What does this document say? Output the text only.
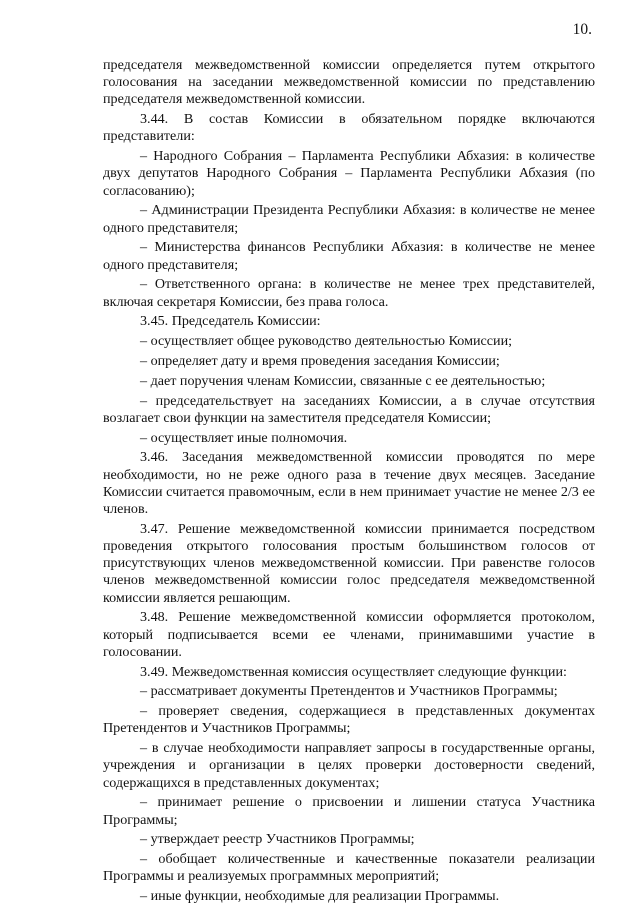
10.

председателя межведомственной комиссии определяется путем открытого голосования на заседании межведомственной комиссии по представлению председателя межведомственной комиссии.

3.44. В состав Комиссии в обязательном порядке включаются представители:

– Народного Собрания – Парламента Республики Абхазия: в количестве двух депутатов Народного Собрания – Парламента Республики Абхазия (по согласованию);

– Администрации Президента Республики Абхазия: в количестве не менее одного представителя;

– Министерства финансов Республики Абхазия: в количестве не менее одного представителя;

– Ответственного органа: в количестве не менее трех представителей, включая секретаря Комиссии, без права голоса.

3.45. Председатель Комиссии:

– осуществляет общее руководство деятельностью Комиссии;

– определяет дату и время проведения заседания Комиссии;

– дает поручения членам Комиссии, связанные с ее деятельностью;

– председательствует на заседаниях Комиссии, а в случае отсутствия возлагает свои функции на заместителя председателя Комиссии;

– осуществляет иные полномочия.

3.46. Заседания межведомственной комиссии проводятся по мере необходимости, но не реже одного раза в течение двух месяцев. Заседание Комиссии считается правомочным, если в нем принимает участие не менее 2/3 ее членов.

3.47. Решение межведомственной комиссии принимается посредством проведения открытого голосования простым большинством голосов от присутствующих членов межведомственной комиссии. При равенстве голосов членов межведомственной комиссии голос председателя межведомственной комиссии является решающим.

3.48. Решение межведомственной комиссии оформляется протоколом, который подписывается всеми ее членами, принимавшими участие в голосовании.

3.49. Межведомственная комиссия осуществляет следующие функции:

– рассматривает документы Претендентов и Участников Программы;

– проверяет сведения, содержащиеся в представленных документах Претендентов и Участников Программы;

– в случае необходимости направляет запросы в государственные органы, учреждения и организации в целях проверки достоверности сведений, содержащихся в представленных документах;

– принимает решение о присвоении и лишении статуса Участника Программы;

– утверждает реестр Участников Программы;

– обобщает количественные и качественные показатели реализации Программы и реализуемых программных мероприятий;

– иные функции, необходимые для реализации Программы.
